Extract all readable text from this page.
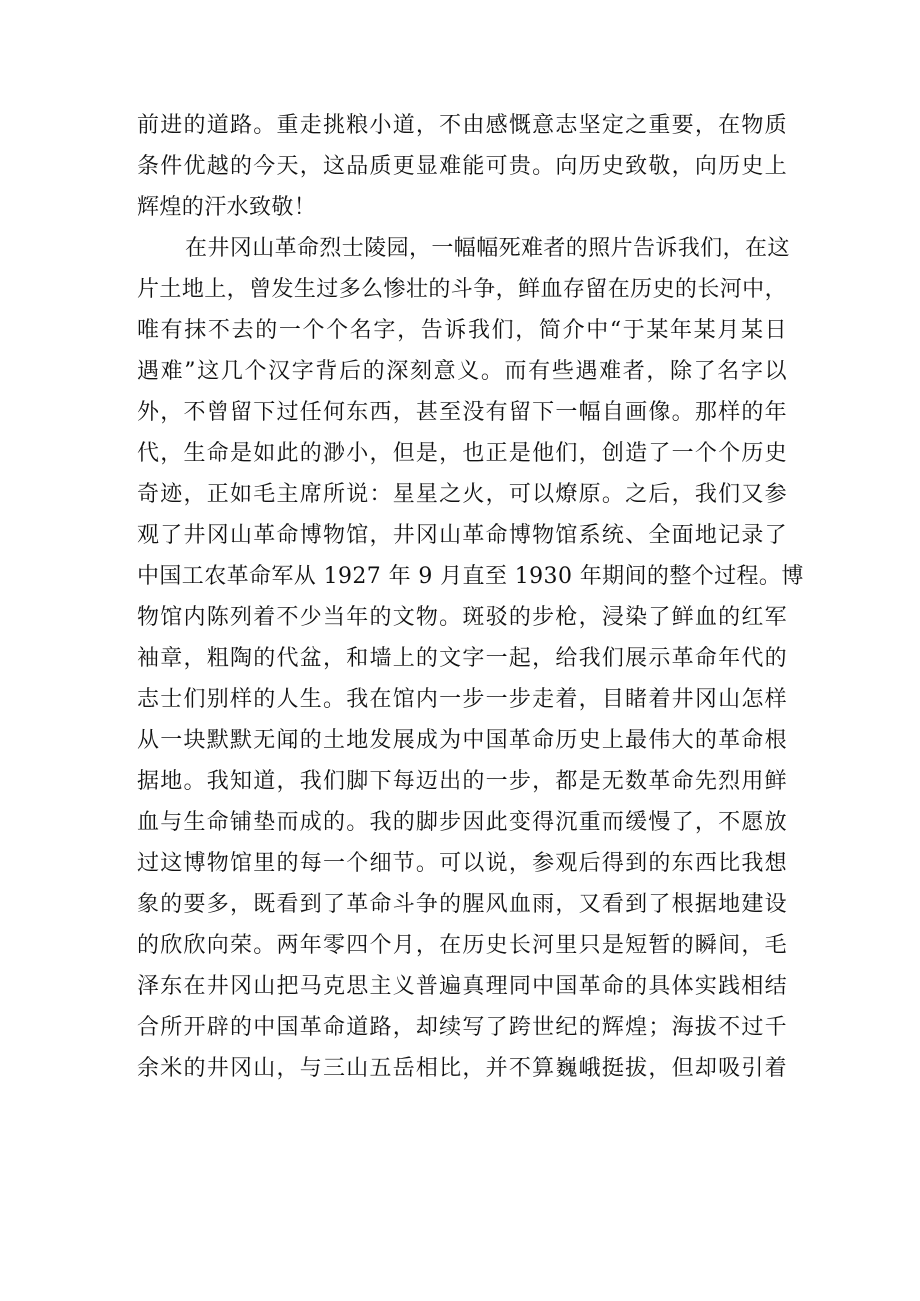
前进的道路。重走挑粮小道，不由感慨意志坚定之重要，在物质
条件优越的今天，这品质更显难能可贵。向历史致敬，向历史上
辉煌的汗水致敬！
在井冈山革命烈士陵园，一幅幅死难者的照片告诉我们，在这
片土地上，曾发生过多么惨壮的斗争，鲜血存留在历史的长河中，
唯有抹不去的一个个名字，告诉我们，简介中“于某年某月某日
遇难”这几个汉字背后的深刻意义。而有些遇难者，除了名字以
外，不曾留下过任何东西，甚至没有留下一幅自画像。那样的年
代，生命是如此的渺小，但是，也正是他们，创造了一个个历史
奇迹，正如毛主席所说：星星之火，可以燎原。之后，我们又参
观了井冈山革命博物馆，井冈山革命博物馆系统、全面地记录了
中国工农革命军从 1927 年 9 月直至 1930 年期间的整个过程。博
物馆内陈列着不少当年的文物。斑驳的步枪，浸染了鲜血的红军
袖章，粗陶的代盆，和墙上的文字一起，给我们展示革命年代的
志士们别样的人生。我在馆内一步一步走着，目睹着井冈山怎样
从一块默默无闻的土地发展成为中国革命历史上最伟大的革命根
据地。我知道，我们脚下每迈出的一步，都是无数革命先烈用鲜
血与生命铺垫而成的。我的脚步因此变得沉重而缓慢了，不愿放
过这博物馆里的每一个细节。可以说，参观后得到的东西比我想
象的要多，既看到了革命斗争的腥风血雨，又看到了根据地建设
的欣欣向荣。两年零四个月，在历史长河里只是短暂的瞬间，毛
泽东在井冈山把马克思主义普遍真理同中国革命的具体实践相结
合所开辟的中国革命道路，却续写了跨世纪的辉煌；海拔不过千
余米的井冈山，与三山五岳相比，并不算巍峨挺拔，但却吸引着
